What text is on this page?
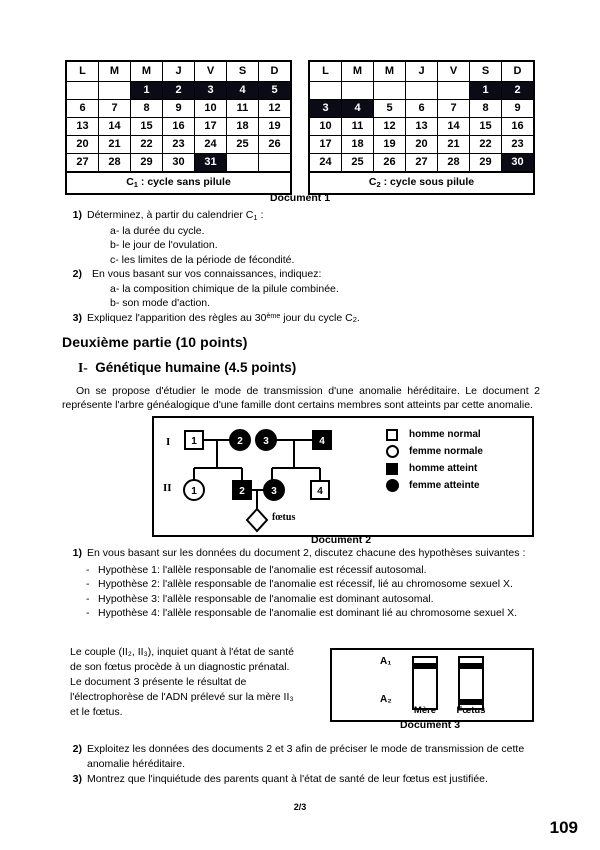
L	M	M	J	V	S	D
		1	2	3	4	5
6	7	8	9	10	11	12
13	14	15	16	17	18	19
20	21	22	23	24	25	26
27	28	29	30	31		
$C_1$ : cycle sans pilule
L	M	M	J	V	S	D
					1	2
3	4	5	6	7	8	9
10	11	12	13	14	15	16
17	18	19	20	21	22	23
24	25	26	27	28	29	30
$C_2$ : cycle sous pilule
Document 1
1) Déterminez, à partir du calendrier $C_1$ :
a- la durée du cycle.
b- le jour de l'ovulation.
c- les limites de la période de fécondité.
2) En vous basant sur vos connaissances, indiquez:
a- la composition chimique de la pilule combinée.
b- son mode d'action.
3) Expliquez l'apparition des règles au 30ème jour du cycle $C_2$.
Deuxième partie (10 points)
I- Génétique humaine (4.5 points)

On se propose d'étudier le mode de transmission d'une anomalie héréditaire. Le document 2 représente l'arbre généalogique d'une famille dont certains membres sont atteints par cette anomalie.

I
II
1	2 3	4
1	2	3	4
fœtus
homme normal
femme normale
homme atteint
femme atteinte
Document 2
1) En vous basant sur les données du document 2, discutez chacune des hypothèses suivantes :
- Hypothèse 1: l'allèle responsable de l'anomalie est récessif autosomal.
- Hypothèse 2: l'allèle responsable de l'anomalie est récessif, lié au chromosome sexuel X.
- Hypothèse 3: l'allèle responsable de l'anomalie est dominant autosomal.
- Hypothèse 4: l'allèle responsable de l'anomalie est dominant lié au chromosome sexuel X.
Le couple (II₂, II₃), inquiet quant à l'état de santé
de son fœtus procède à un diagnostic prénatal.
Le document 3 présente le résultat de
l'électrophorèse de l'ADN prélevé sur la mère II₃
et le fœtus.
A₁
A₂
Mère	Fœtus
Document 3
2) Exploitez les données des documents 2 et 3 afin de préciser le mode de transmission de cette anomalie héréditaire.
3) Montrez que l'inquiétude des parents quant à l'état de santé de leur fœtus est justifiée.
2/3
109
